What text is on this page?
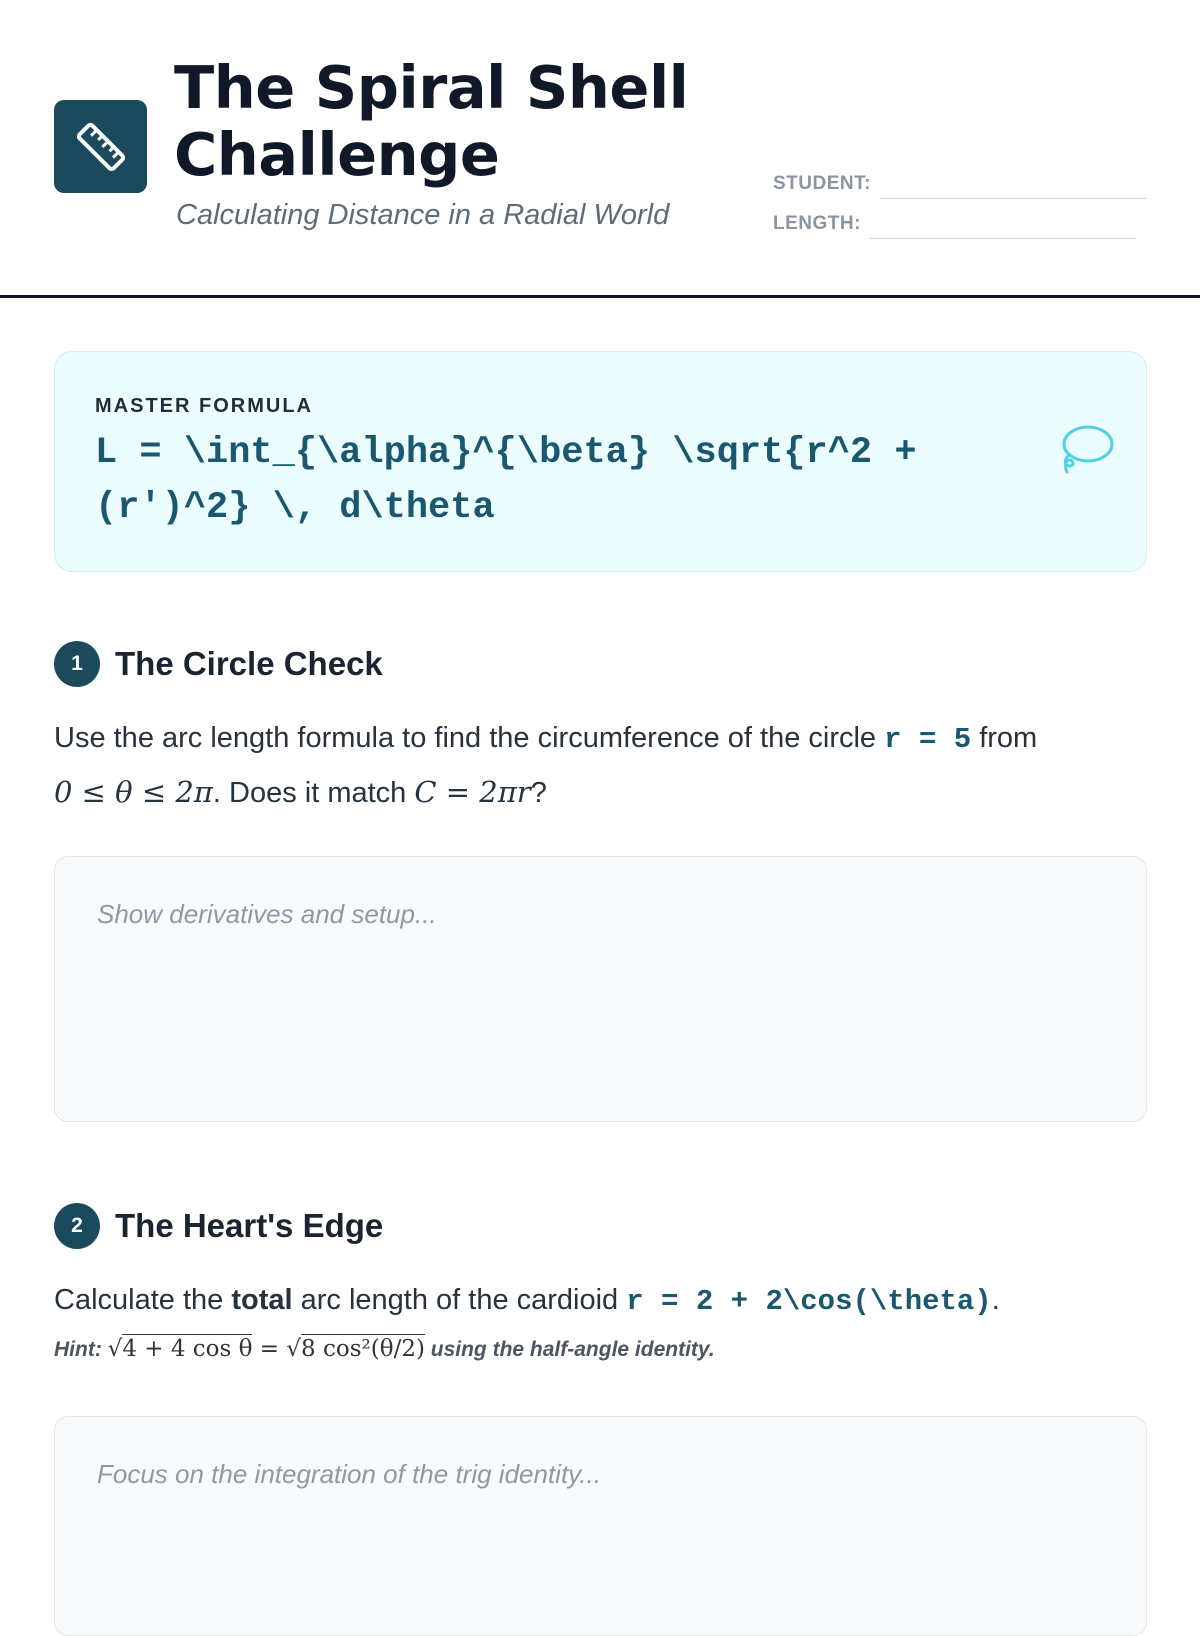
The Spiral Shell
Challenge
Calculating Distance in a Radial World
STUDENT:
LENGTH:
MASTER FORMULA
L = \int_{\alpha}^{\beta} \sqrt{r^2 +
(r')^2} \, d\theta
1 The Circle Check
Use the arc length formula to find the circumference of the circle r = 5 from
0 ≤ θ ≤ 2π. Does it match C = 2πr?
Show derivatives and setup...
2 The Heart's Edge
Calculate the total arc length of the cardioid r = 2 + 2\cos(\theta).
Hint: √4 + 4 cos θ = √8 cos²(θ/2) using the half-angle identity.
Focus on the integration of the trig identity...
